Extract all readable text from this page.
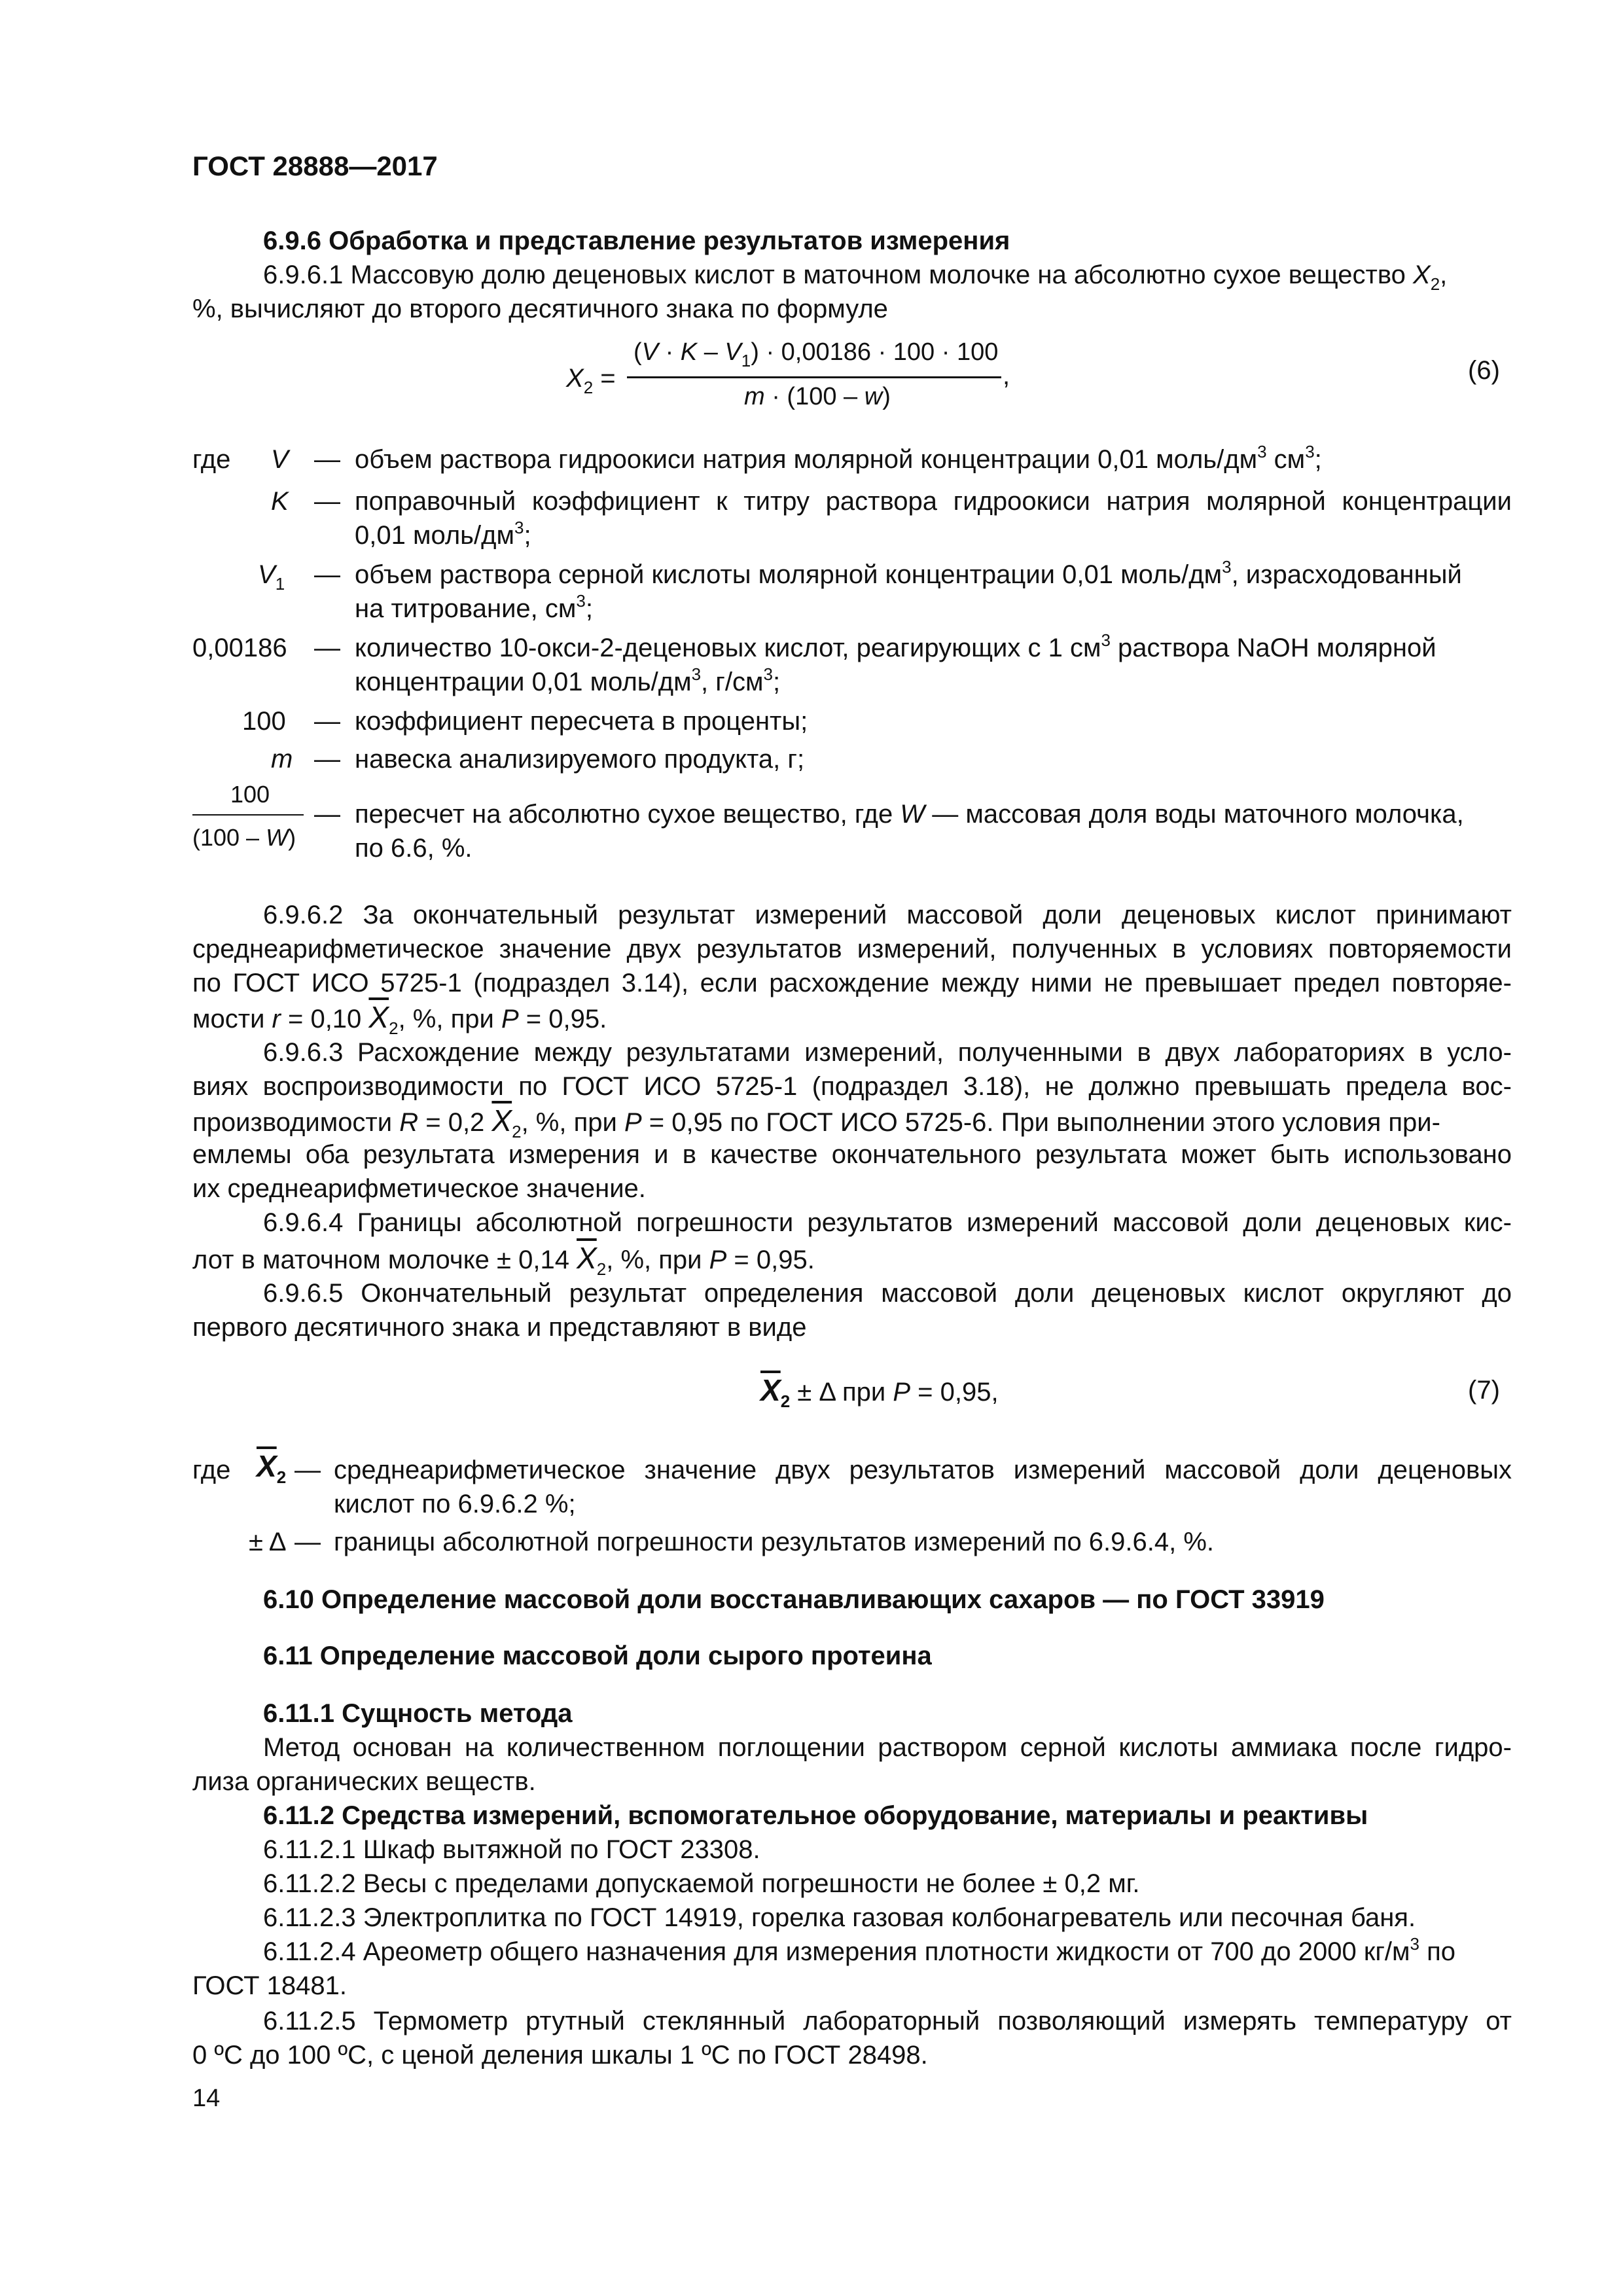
ГОСТ 28888—2017
6.9.6 Обработка и представление результатов измерения
6.9.6.1 Массовую долю деценовых кислот в маточном молочке на абсолютно сухое вещество $X_2$,
%, вычисляют до второго десятичного знака по формуле
$X_2$ =
$(V \cdot K - V_1) \cdot 0,00186 \cdot 100 \cdot 100$
m · (100 – w)
,	(6)
где V — объем раствора гидроокиси натрия молярной концентрации 0,01 моль/$дм^3$ $см^3$;
K — поправочный коэффициент к титру раствора гидроокиси натрия молярной концентрации
0,01 моль/$дм^3$;
$V_1$ — объем раствора серной кислоты молярной концентрации 0,01 моль/$дм^3$, израсходованный
на титрование, $см^3$;
0,00186 — количество 10-окси-2-деценовых кислот, реагирующих с 1 $см^3$ раствора NaOH молярной
концентрации 0,01 моль/$дм^3$, $г/см^3$;
100 — коэффициент пересчета в проценты;
m — навеска анализируемого продукта, г;
100
(100 – W)
— пересчет на абсолютно сухое вещество, где W — массовая доля воды маточного молочка,
по 6.6, %.
6.9.6.2 За окончательный результат измерений массовой доли деценовых кислот принимают
среднеарифметическое значение двух результатов измерений, полученных в условиях повторяемости
по ГОСТ ИСО 5725-1 (подраздел 3.14), если расхождение между ними не превышает предел повторяе-
мости r = 0,10 $\overline{X}_2$, %, при P = 0,95.
6.9.6.3 Расхождение между результатами измерений, полученными в двух лабораториях в усло-
виях воспроизводимости по ГОСТ ИСО 5725-1 (подраздел 3.18), не должно превышать предела вос-
производимости R = 0,2 $\overline{X}_2$, %, при P = 0,95 по ГОСТ ИСО 5725-6. При выполнении этого условия при-
емлемы оба результата измерения и в качестве окончательного результата может быть использовано
их среднеарифметическое значение.
6.9.6.4 Границы абсолютной погрешности результатов измерений массовой доли деценовых кис-
лот в маточном молочке ± 0,14 $\overline{X}_2$, %, при P = 0,95.
6.9.6.5 Окончательный результат определения массовой доли деценовых кислот округляют до
первого десятичного знака и представляют в виде
$\overline{X}_2 \pm \Delta$ при P = 0,95,	(7)
где $\overline{X}_2$ — среднеарифметическое значение двух результатов измерений массовой доли деценовых
кислот по 6.9.6.2 %;
± Δ — границы абсолютной погрешности результатов измерений по 6.9.6.4, %.
6.10 Определение массовой доли восстанавливающих сахаров — по ГОСТ 33919
6.11 Определение массовой доли сырого протеина
6.11.1 Сущность метода
Метод основан на количественном поглощении раствором серной кислоты аммиака после гидро-
лиза органических веществ.
6.11.2 Средства измерений, вспомогательное оборудование, материалы и реактивы
6.11.2.1 Шкаф вытяжной по ГОСТ 23308.
6.11.2.2 Весы с пределами допускаемой погрешности не более ± 0,2 мг.
6.11.2.3 Электроплитка по ГОСТ 14919, горелка газовая колбонагреватель или песочная баня.
6.11.2.4 Ареометр общего назначения для измерения плотности жидкости от 700 до 2000 $кг/м^3$ по
ГОСТ 18481.
6.11.2.5 Термометр ртутный стеклянный лабораторный позволяющий измерять температуру от
0 ºС до 100 ºС, с ценой деления шкалы 1 ºС по ГОСТ 28498.
14
